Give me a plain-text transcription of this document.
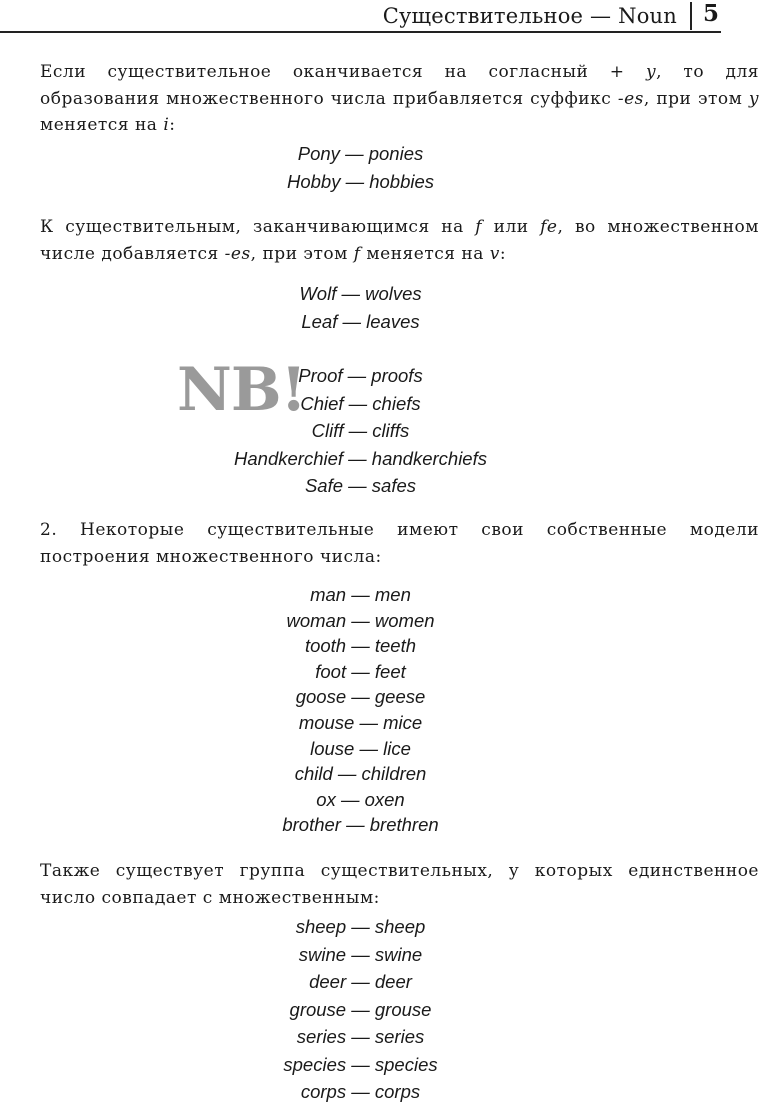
Существительное — Noun 5

Если существительное оканчивается на согласный + y, то для образования множественного числа прибавляется суффикс -es, при этом y меняется на i:

Pony — ponies
Hobby — hobbies

К существительным, заканчивающимся на f или fe, во множественном числе добавляется -es, при этом f меняется на v:

Wolf — wolves
Leaf — leaves
NB!
Proof — proofs
Chief — chiefs
Cliff — cliffs
Handkerchief — handkerchiefs
Safe — safes

2. Некоторые существительные имеют свои собственные модели построения множественного числа:

man — men
woman — women
tooth — teeth
foot — feet
goose — geese
mouse — mice
louse — lice
child — children
ox — oxen
brother — brethren

Также существует группа существительных, у которых единственное число совпадает с множественным:

sheep — sheep
swine — swine
deer — deer
grouse — grouse
series — series
species — species
corps — corps
